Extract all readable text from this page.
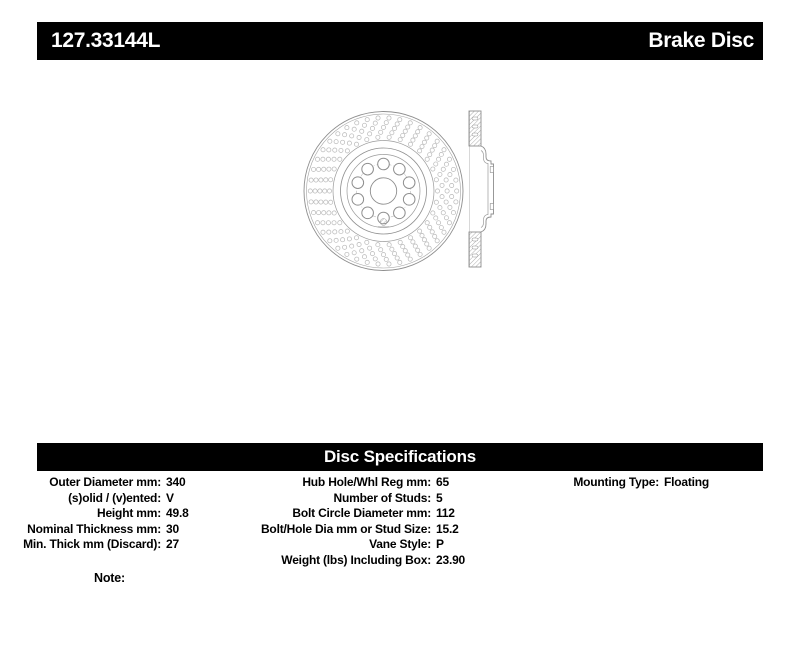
127.33144L	Brake Disc
Disc Specifications
Outer Diameter mm: 340
(s)olid / (v)ented: V
Height mm: 49.8
Nominal Thickness mm: 30
Min. Thick mm (Discard): 27
Hub Hole/Whl Reg mm: 65
Number of Studs: 5
Bolt Circle Diameter mm: 112
Bolt/Hole Dia mm or Stud Size: 15.2
Vane Style: P
Weight (lbs) Including Box: 23.90
Mounting Type: Floating
Note:
